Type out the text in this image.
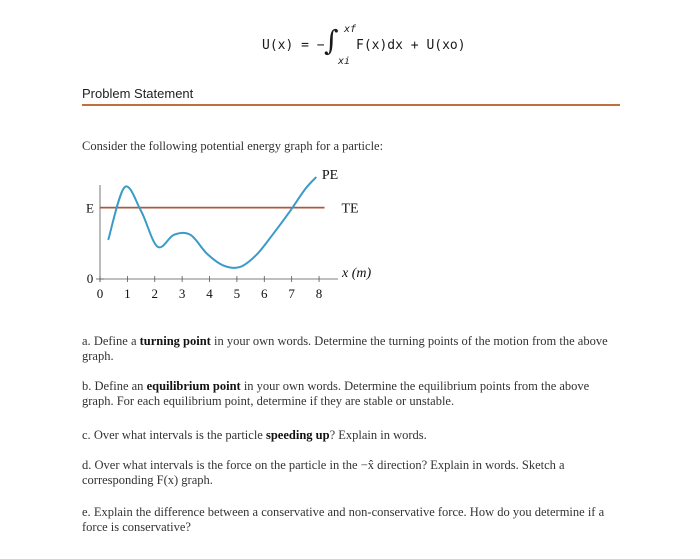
U(x) = − ∫ xf
xi
F(x)dx + U(xo)
Problem Statement
Consider the following potential energy graph for a particle:
0 1 2 3 4 5 6 7 8
0
E
PE
TE
x (m)
a. Define a turning point in your own words. Determine the turning points of the motion from the above graph.
b. Define an equilibrium point in your own words. Determine the equilibrium points from the above graph. For each equilibrium point, determine if they are stable or unstable.
c. Over what intervals is the particle speeding up? Explain in words.
d. Over what intervals is the force on the particle in the −x̂ direction? Explain in words. Sketch a corresponding F(x) graph.
e. Explain the difference between a conservative and non-conservative force. How do you determine if a force is conservative?
